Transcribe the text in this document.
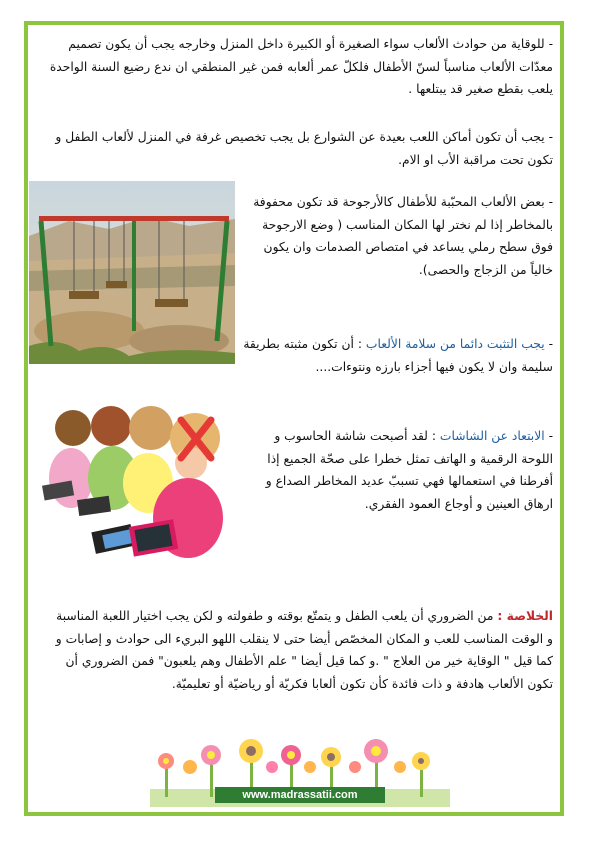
- للوقاية من حوادث الألعاب سواء الصغيرة أو الكبيرة داخل المنزل وخارجه يجب أن يكون تصميم معدّات الألعاب مناسباً لسنّ الأطفال فلكلّ عمر ألعابه فمن غير المنطقي ان ندع رضيع السنة الواحدة يلعب بقطع صغير قد يبتلعها .

- يجب أن تكون أماكن اللعب بعيدة عن الشوارع بل يجب تخصيص غرفة في المنزل لألعاب الطفل و تكون تحت مراقبة الأب او الام.

- بعض الألعاب المحبّبة للأطفال كالأرجوحة قد تكون محفوفة بالمخاطر إذا لم نختر لها المكان المناسب ( وضع الارجوحة فوق سطح رملي يساعد في امتصاص الصدمات وان يكون خالياً من الزجاج والحصى).

- يجب التثبت دائما من سلامة الألعاب : أن تكون مثبته بطريقة سليمة وان لا يكون فيها أجزاء بارزه ونتوءات....

- الابتعاد عن الشاشات : لقد أصبحت شاشة الحاسوب و اللوحة الرقمية و الهاتف تمثل خطرا على صحّة الجميع إذا أفرطنا في استعمالها فهي تسببّ عديد المخاطر الصداع و ارهاق العينين و أوجاع العمود الفقري.

الخلاصة : من الضروري أن يلعب الطفل و يتمتّع بوقته و طفولته و لكن يجب اختيار اللعبة المناسبة و الوقت المناسب للعب و المكان المخصّص أيضا حتى لا ينقلب اللهو البريء الى حوادث و إصابات و كما قيل " الوقاية خير من العلاج " .و كما قيل أيضا " علم الأطفال وهم يلعبون" فمن الضروري أن تكون الألعاب هادفة و ذات فائدة كأن تكون ألعابا فكريّة أو رياضيّة أو تعليميّة.

www.madrassatii.com
